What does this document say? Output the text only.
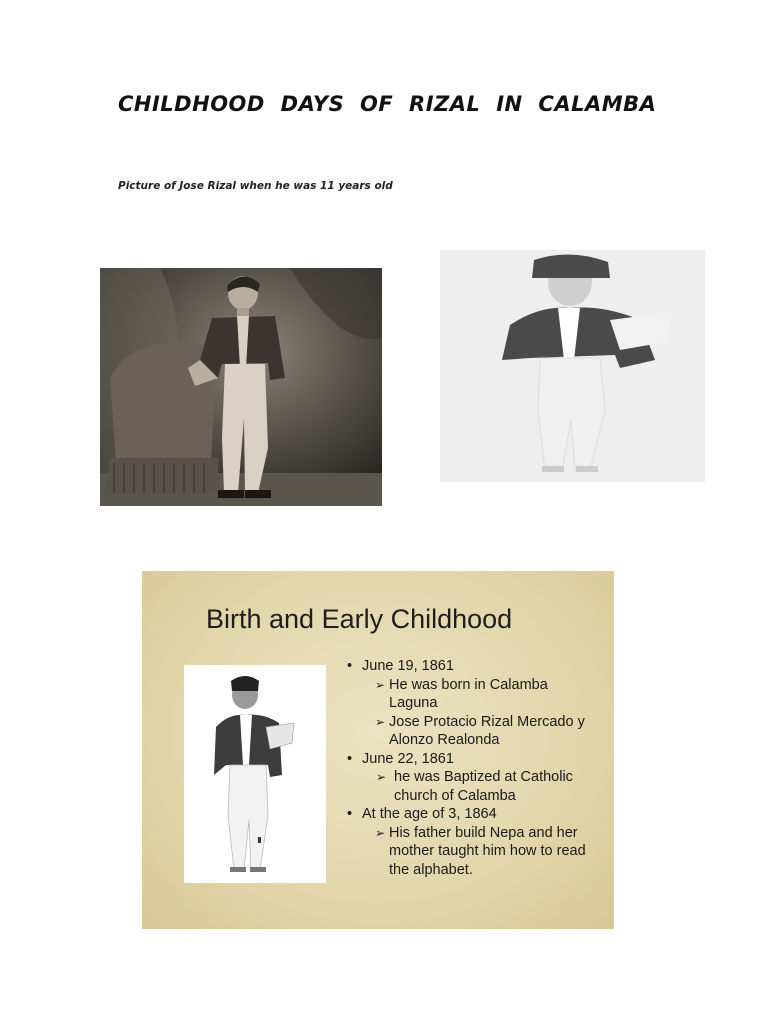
CHILDHOOD DAYS OF RIZAL IN CALAMBA

Picture of Jose Rizal when he was 11 years old

Birth and Early Childhood
• June 19, 1861
➢ He was born in Calamba Laguna
➢ Jose Protacio Rizal Mercado y Alonzo Realonda
• June 22, 1861
➢ he was Baptized at Catholic church of Calamba
• At the age of 3, 1864
➢ His father build Nepa and her mother taught him how to read the alphabet.
